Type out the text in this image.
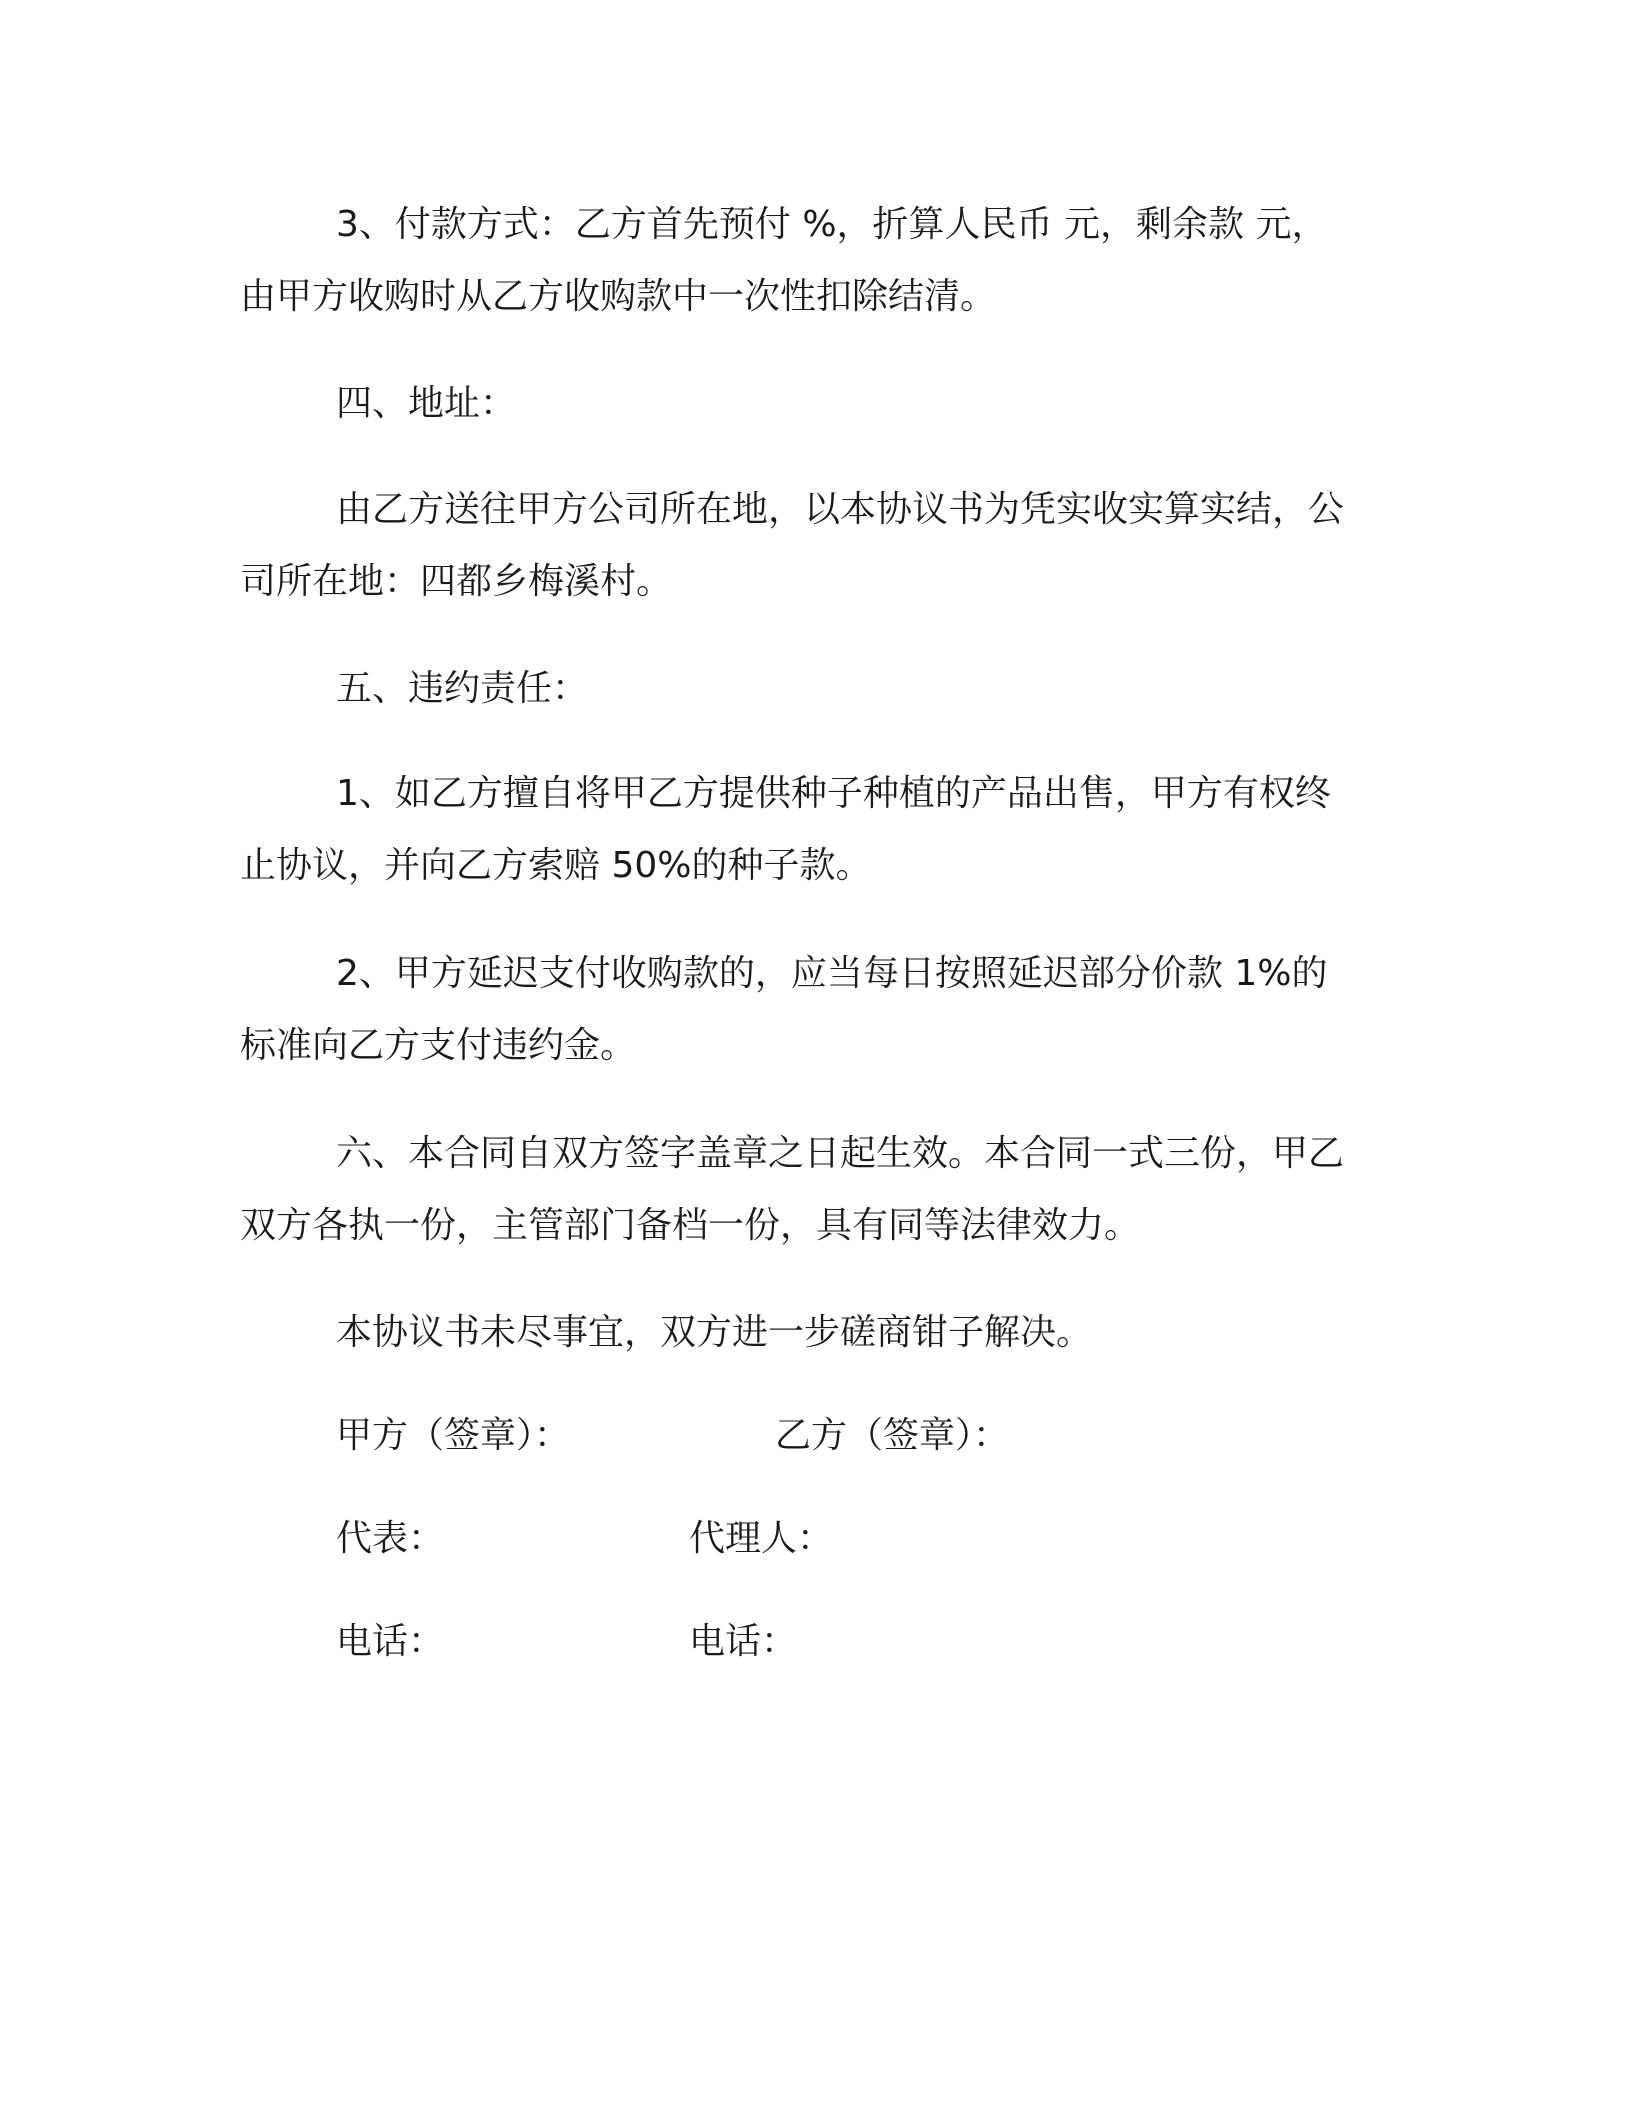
3、付款方式：乙方首先预付 %，折算人民币 元，剩余款 元，
由甲方收购时从乙方收购款中一次性扣除结清。
四、地址：
由乙方送往甲方公司所在地，以本协议书为凭实收实算实结，公
司所在地：四都乡梅溪村。
五、违约责任：
1、如乙方擅自将甲乙方提供种子种植的产品出售，甲方有权终
止协议，并向乙方索赔 50%的种子款。
2、甲方延迟支付收购款的，应当每日按照延迟部分价款 1%的
标准向乙方支付违约金。
六、本合同自双方签字盖章之日起生效。本合同一式三份，甲乙
双方各执一份，主管部门备档一份，具有同等法律效力。
本协议书未尽事宜，双方进一步磋商钳子解决。
甲方（签章）：	乙方（签章）：
代表：	代理人：
电话：	电话：
